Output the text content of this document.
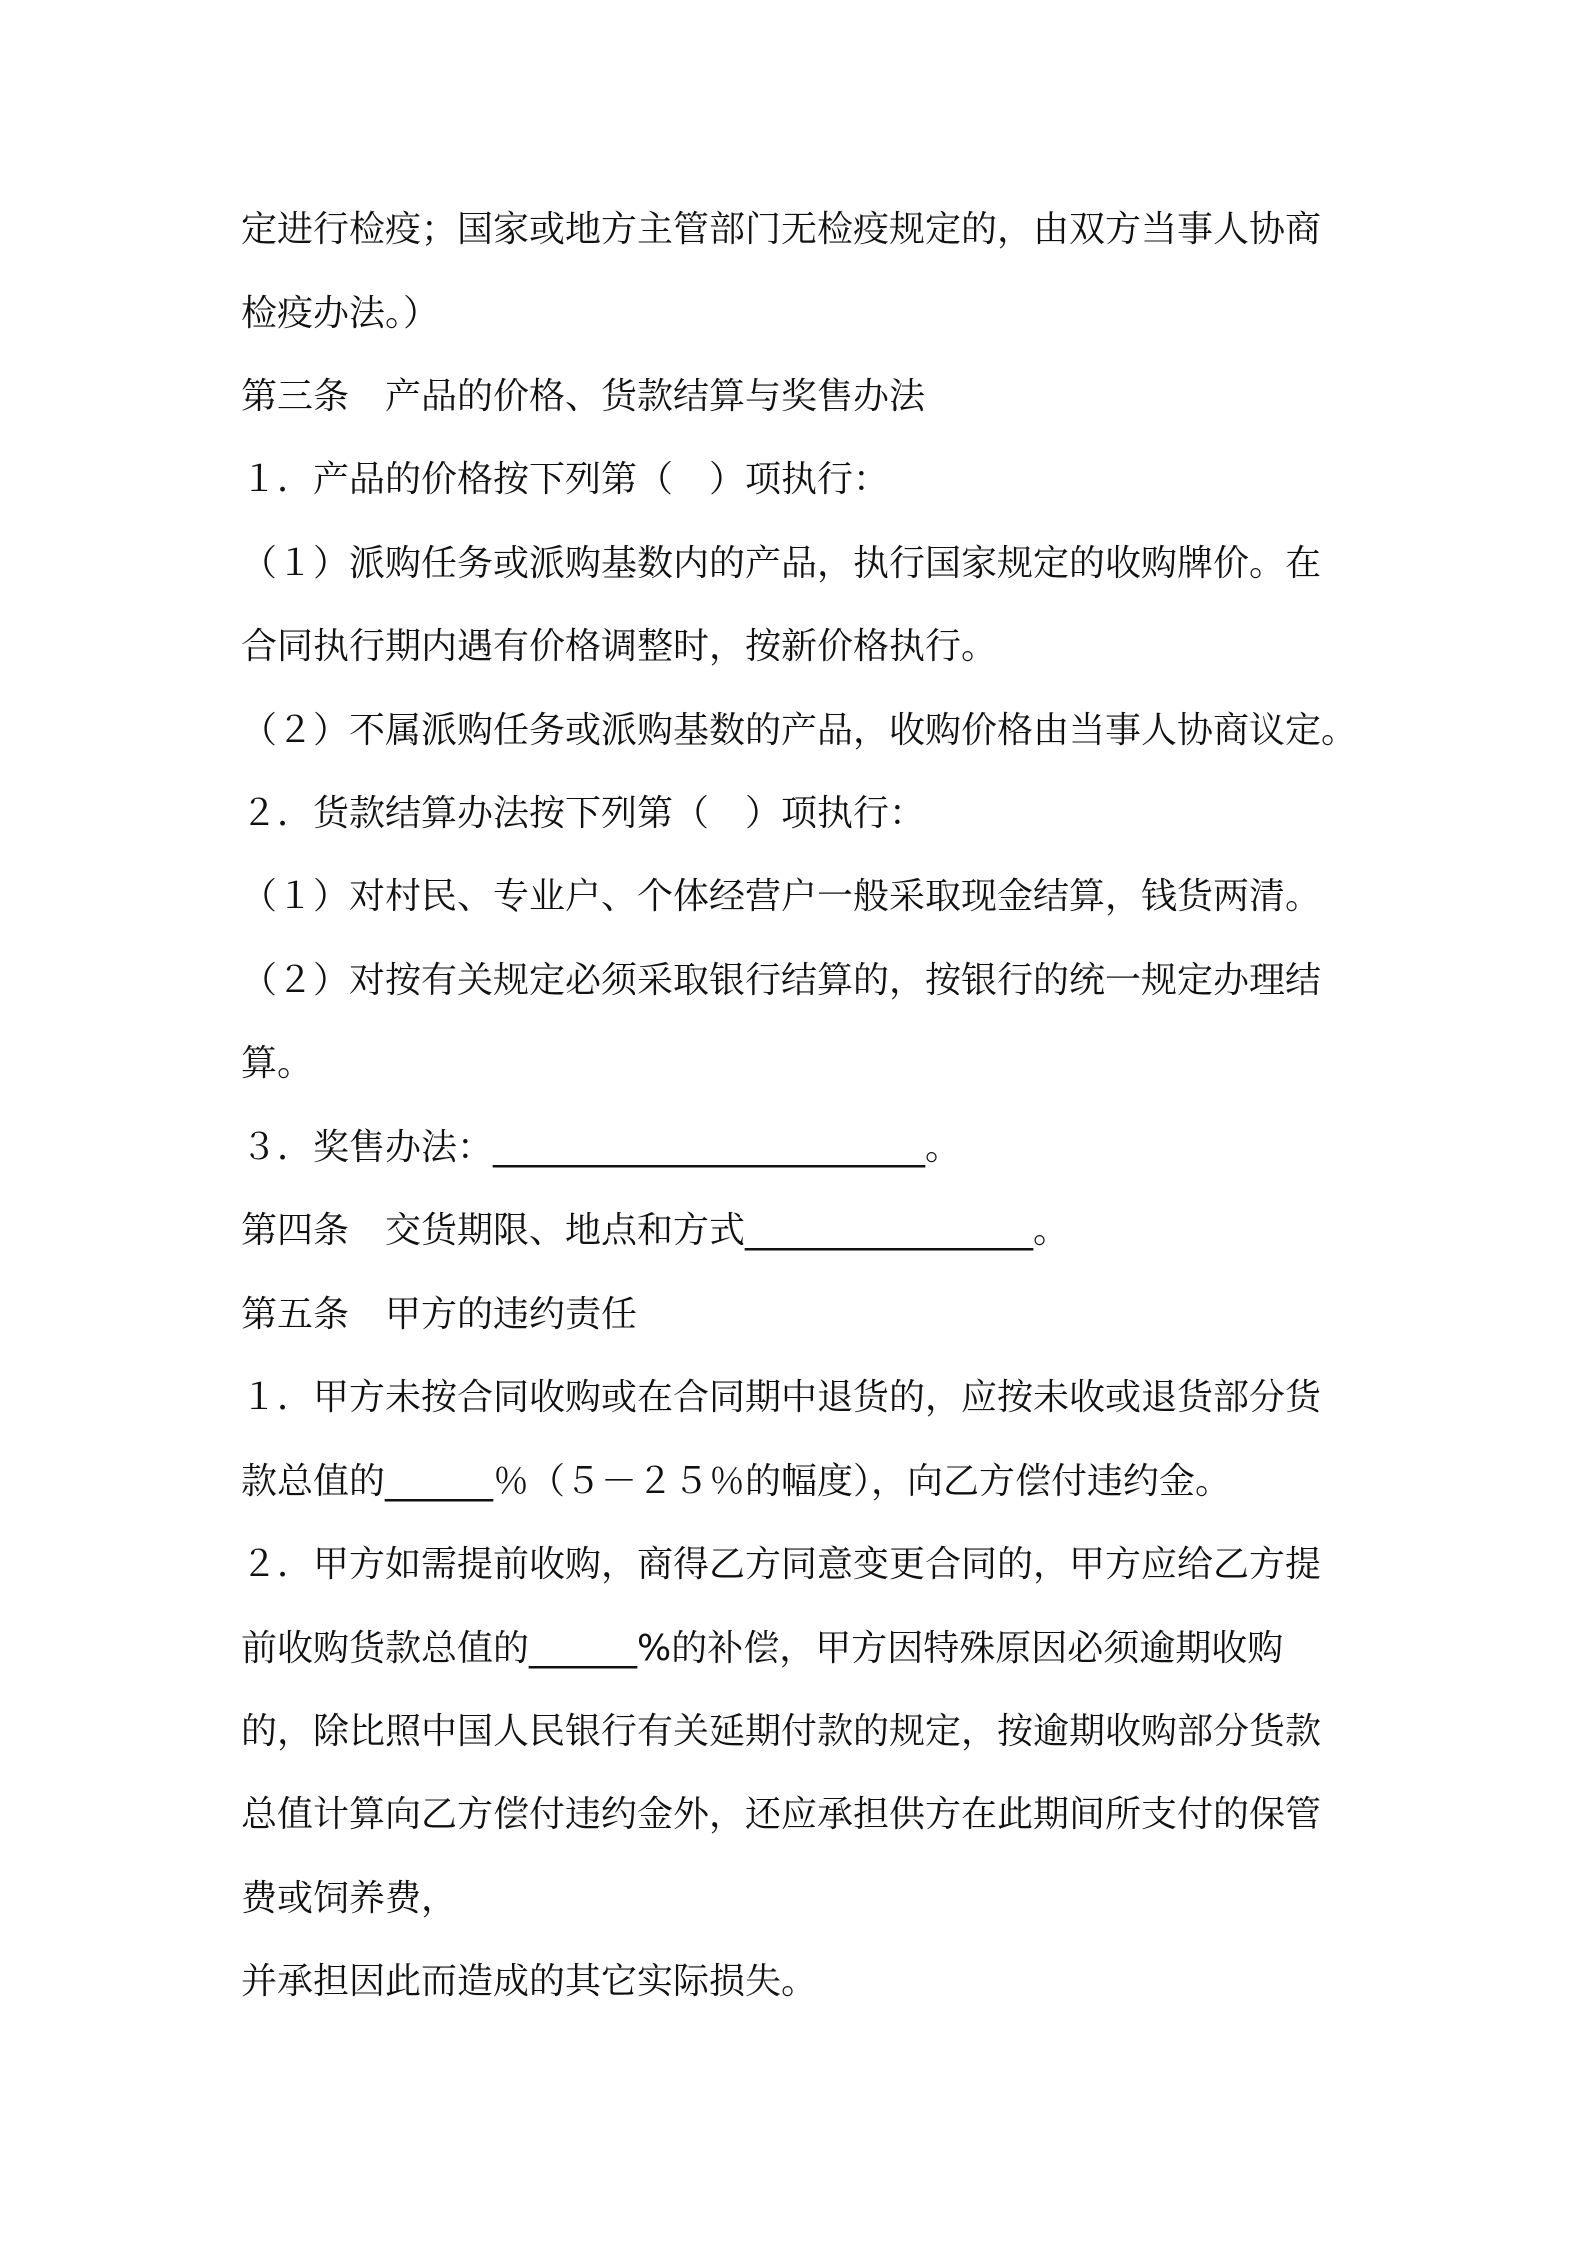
定进行检疫；国家或地方主管部门无检疫规定的，由双方当事人协商
检疫办法。）
第三条　产品的价格、货款结算与奖售办法
１．产品的价格按下列第（　）项执行：
（１）派购任务或派购基数内的产品，执行国家规定的收购牌价。在
合同执行期内遇有价格调整时，按新价格执行。
（２）不属派购任务或派购基数的产品，收购价格由当事人协商议定。
２．货款结算办法按下列第（　）项执行：
（１）对村民、专业户、个体经营户一般采取现金结算，钱货两清。
（２）对按有关规定必须采取银行结算的，按银行的统一规定办理结
算。
３．奖售办法：________________________。
第四条　交货期限、地点和方式________________。
第五条　甲方的违约责任
１．甲方未按合同收购或在合同期中退货的，应按未收或退货部分货
款总值的______％（５－２５％的幅度），向乙方偿付违约金。
２．甲方如需提前收购，商得乙方同意变更合同的，甲方应给乙方提
前收购货款总值的______%的补偿，甲方因特殊原因必须逾期收购
的，除比照中国人民银行有关延期付款的规定，按逾期收购部分货款
总值计算向乙方偿付违约金外，还应承担供方在此期间所支付的保管
费或饲养费，
并承担因此而造成的其它实际损失。
